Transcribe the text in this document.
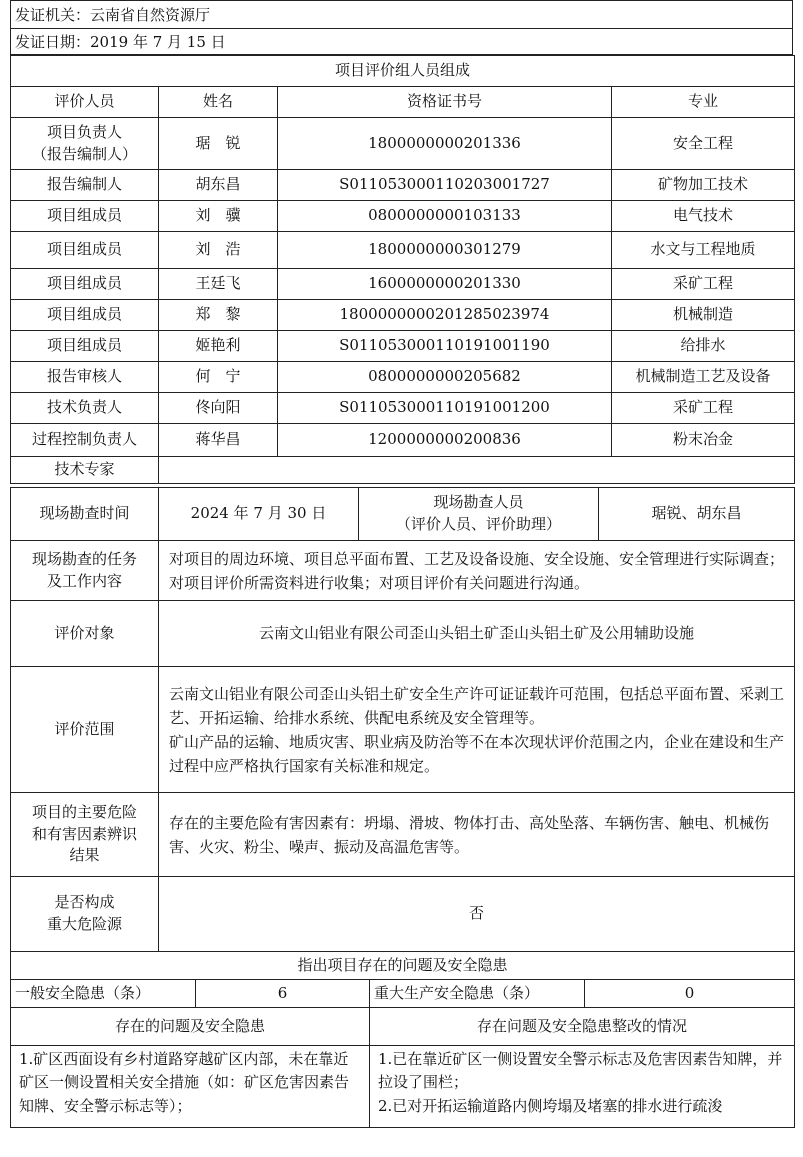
发证机关：云南省自然资源厅
发证日期：2019 年 7 月 15 日
项目评价组人员组成			
评价人员	姓名	资格证书号	专业
项目负责人
（报告编制人）	琚　锐	1800000000201336	安全工程
报告编制人	胡东昌	S011053000110203001727	矿物加工技术
项目组成员	刘　骥	0800000000103133	电气技术
项目组成员	刘　浩	1800000000301279	水文与工程地质
项目组成员	王廷飞	1600000000201330	采矿工程
项目组成员	郑　黎	1800000000201285023974	机械制造
项目组成员	姬艳利	S011053000110191001190	给排水
报告审核人	何　宁	0800000000205682	机械制造工艺及设备
技术负责人	佟向阳	S011053000110191001200	采矿工程
过程控制负责人	蒋华昌	1200000000200836	粉末冶金
技术专家			
现场勘查时间	2024 年 7 月 30 日	现场勘查人员
（评价人员、评价助理）	琚锐、胡东昌
现场勘查的任务
及工作内容	对项目的周边环境、项目总平面布置、工艺及设备设施、安全设施、安全管理进行实际调查；对项目评价所需资料进行收集；对项目评价有关问题进行沟通。		
评价对象	云南文山铝业有限公司歪山头铝土矿歪山头铝土矿及公用辅助设施		
评价范围	云南文山铝业有限公司歪山头铝土矿安全生产许可证证载许可范围，包括总平面布置、采剥工艺、开拓运输、给排水系统、供配电系统及安全管理等。
矿山产品的运输、地质灾害、职业病及防治等不在本次现状评价范围之内，企业在建设和生产过程中应严格执行国家有关标准和规定。		

项目的主要危险
和有害因素辨识
结果	存在的主要危险有害因素有：坍塌、滑坡、物体打击、高处坠落、车辆伤害、触电、机械伤害、火灾、粉尘、噪声、振动及高温危害等。		
是否构成
重大危险源	否		
指出项目存在的问题及安全隐患			
一般安全隐患（条）	6	重大生产安全隐患（条）	0
存在的问题及安全隐患		存在问题及安全隐患整改的情况	
1.矿区西面设有乡村道路穿越矿区内部，未在靠近矿区一侧设置相关安全措施（如：矿区危害因素告知牌、安全警示标志等）；		1.已在靠近矿区一侧设置安全警示标志及危害因素告知牌，并拉设了围栏；
2.已对开拓运输道路内侧垮塌及堵塞的排水进行疏浚	
